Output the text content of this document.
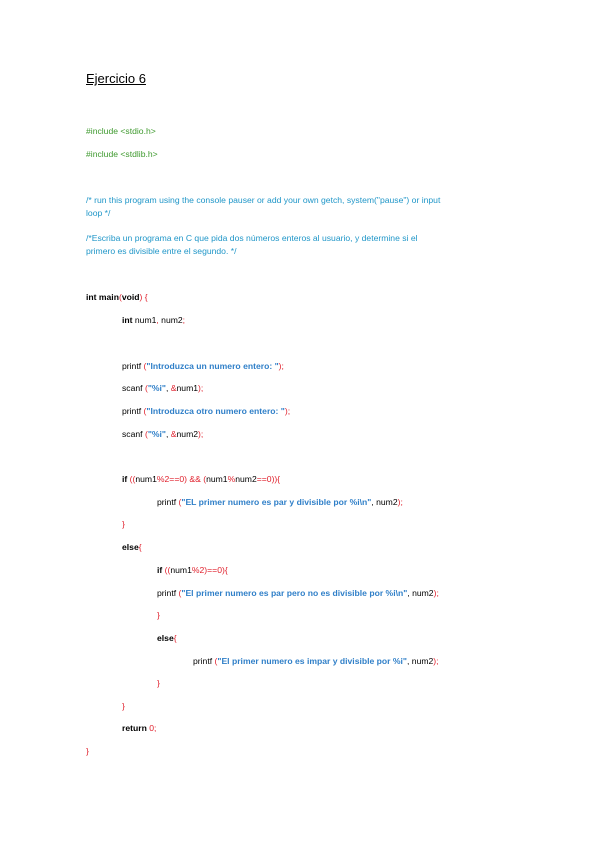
Ejercicio 6
#include <stdio.h>
#include <stdlib.h>
/* run this program using the console pauser or add your own getch, system("pause") or input
loop */
/*Escriba un programa en C que pida dos números enteros al usuario, y determine si el
primero es divisible entre el segundo. */
int main(void) {
int num1, num2;
printf ("Introduzca un numero entero: ");
scanf ("%i", &num1);
printf ("Introduzca otro numero entero: ");
scanf ("%i", &num2);
if ((num1%2==0) && (num1%num2==0)){
printf ("EL primer numero es par y divisible por %i\n", num2);
}
else{
if ((num1%2)==0){
printf ("El primer numero es par pero no es divisible por %i\n", num2);
}
else{
printf ("El primer numero es impar y divisible por %i", num2);
}
}
return 0;
}
